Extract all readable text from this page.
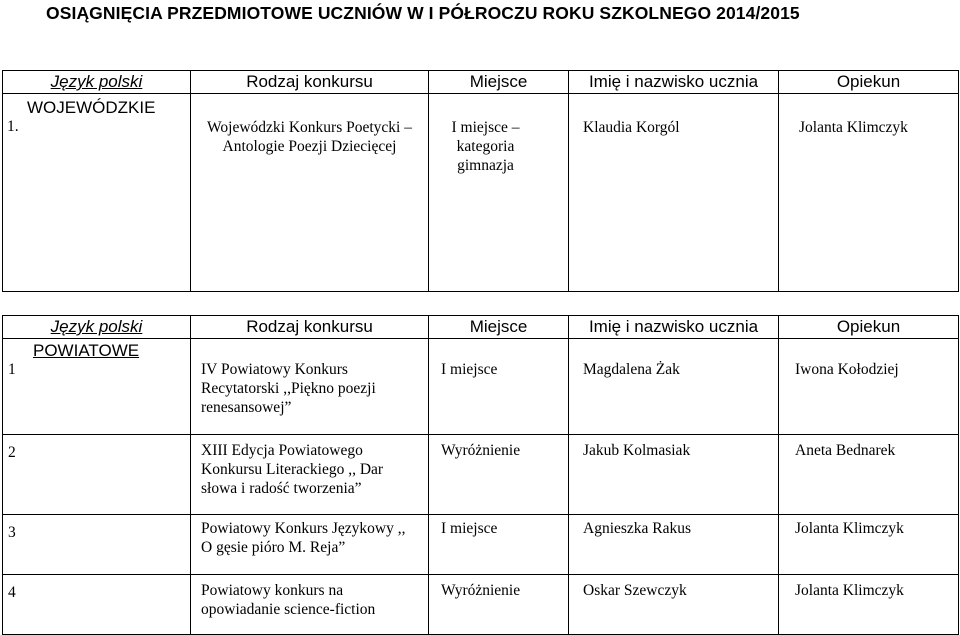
OSIĄGNIĘCIA PRZEDMIOTOWE UCZNIÓW W I PÓŁROCZU ROKU SZKOLNEGO 2014/2015
Język polski	Rodzaj konkursu	Miejsce	Imię i nazwisko ucznia	Opiekun

WOJEWÓDZKIE
1.	Wojewódzki Konkurs Poetycki – Antologie Poezji Dziecięcej	I miejsce – kategoria gimnazja	Klaudia Korgól	Jolanta Klimczyk
Język polski	Rodzaj konkursu	Miejsce	Imię i nazwisko ucznia	Opiekun

POWIATOWE
1	IV Powiatowy Konkurs Recytatorski ,,Piękno poezji renesansowej”	I miejsce	Magdalena Żak	Iwona Kołodziej

2	XIII Edycja Powiatowego Konkursu Literackiego ,, Dar słowa i radość tworzenia”	Wyróżnienie	Jakub Kolmasiak	Aneta Bednarek

3	Powiatowy Konkurs Językowy ,, O gęsie pióro M. Reja”	I miejsce	Agnieszka Rakus	Jolanta Klimczyk

4	Powiatowy konkurs na opowiadanie science-fiction	Wyróżnienie	Oskar Szewczyk	Jolanta Klimczyk
